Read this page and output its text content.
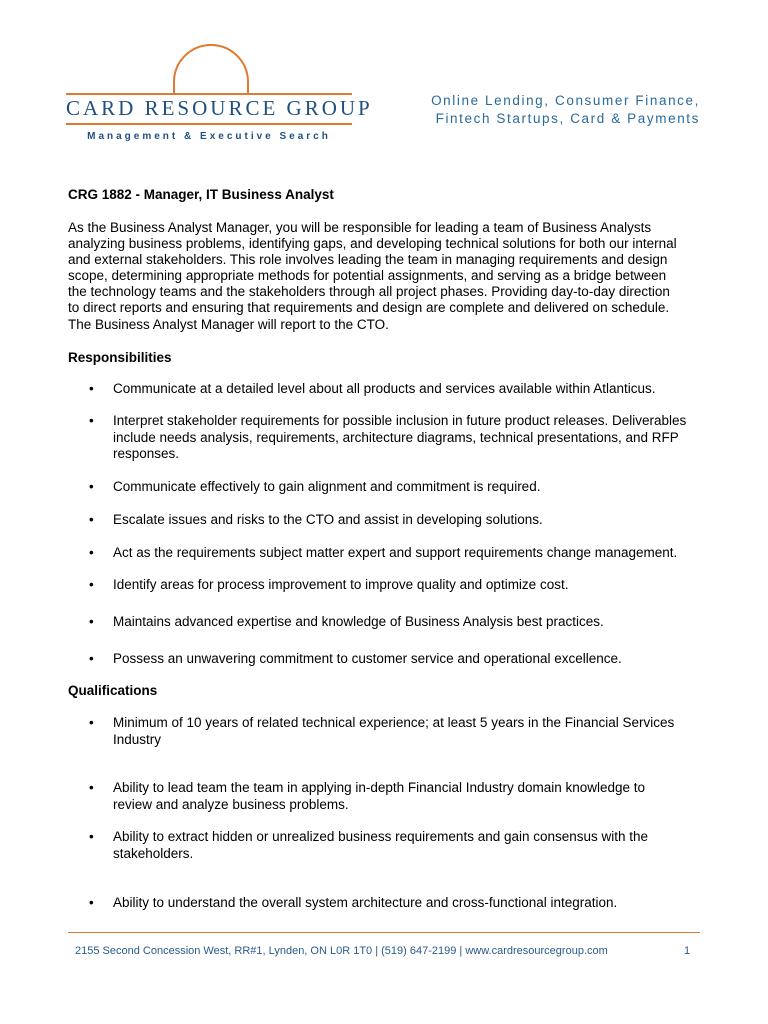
CARD RESOURCE GROUP
Management & Executive Search
Online Lending, Consumer Finance,
Fintech Startups, Card & Payments
CRG 1882 - Manager, IT Business Analyst
As the Business Analyst Manager, you will be responsible for leading a team of Business Analysts
analyzing business problems, identifying gaps, and developing technical solutions for both our internal
and external stakeholders. This role involves leading the team in managing requirements and design
scope, determining appropriate methods for potential assignments, and serving as a bridge between
the technology teams and the stakeholders through all project phases. Providing day-to-day direction
to direct reports and ensuring that requirements and design are complete and delivered on schedule.
The Business Analyst Manager will report to the CTO.
Responsibilities
• Communicate at a detailed level about all products and services available within Atlanticus.
• Interpret stakeholder requirements for possible inclusion in future product releases. Deliverables
include needs analysis, requirements, architecture diagrams, technical presentations, and RFP
responses.
• Communicate effectively to gain alignment and commitment is required.
• Escalate issues and risks to the CTO and assist in developing solutions.
• Act as the requirements subject matter expert and support requirements change management.
• Identify areas for process improvement to improve quality and optimize cost.
• Maintains advanced expertise and knowledge of Business Analysis best practices.
• Possess an unwavering commitment to customer service and operational excellence.
Qualifications
• Minimum of 10 years of related technical experience; at least 5 years in the Financial Services
Industry
• Ability to lead team the team in applying in-depth Financial Industry domain knowledge to
review and analyze business problems.
• Ability to extract hidden or unrealized business requirements and gain consensus with the
stakeholders.
• Ability to understand the overall system architecture and cross-functional integration.
2155 Second Concession West, RR#1, Lynden, ON L0R 1T0 | (519) 647-2199 | www.cardresourcegroup.com	1
